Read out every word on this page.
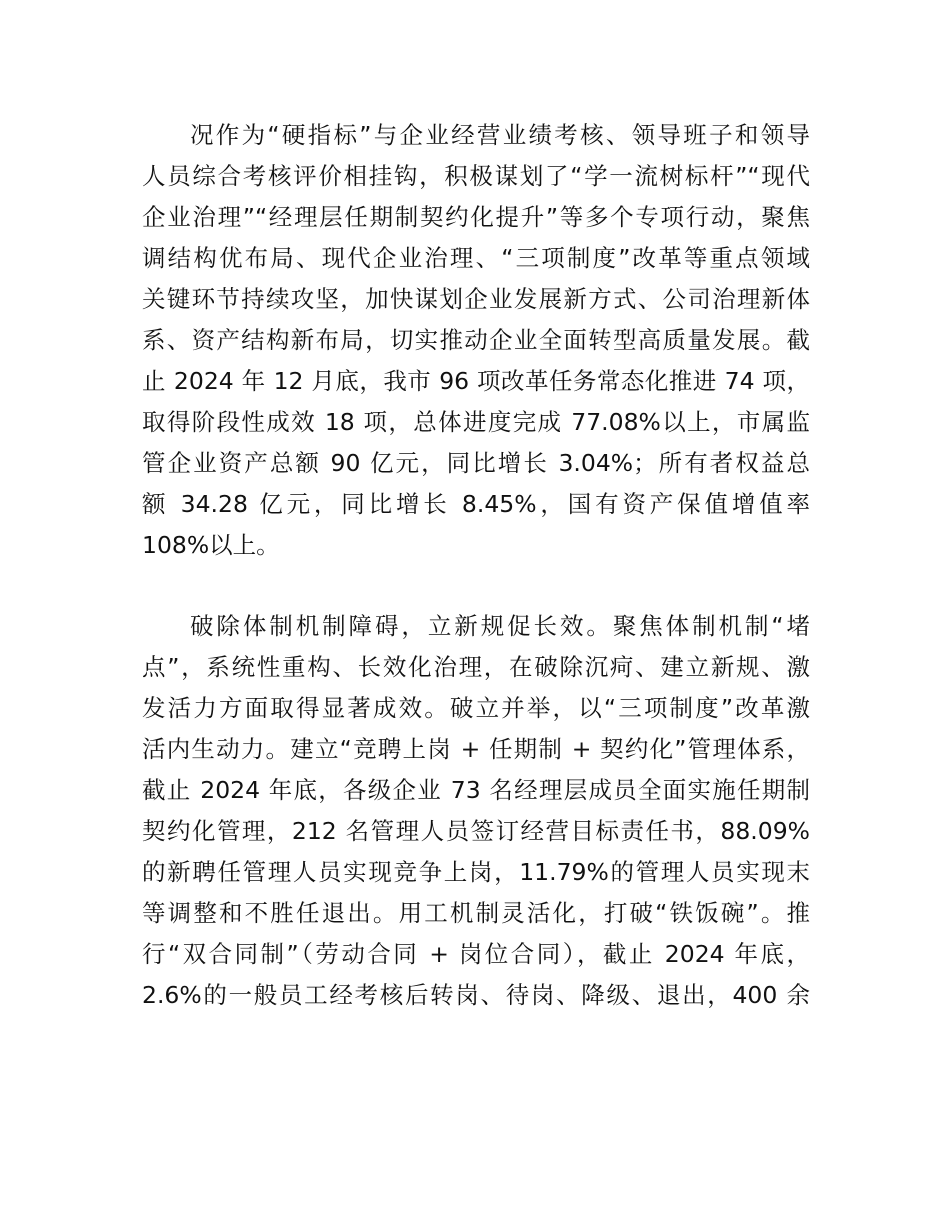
况作为“硬指标”与企业经营业绩考核、领导班子和领导
人员综合考核评价相挂钩，积极谋划了“学一流树标杆”“现代
企业治理”“经理层任期制契约化提升”等多个专项行动，聚焦
调结构优布局、现代企业治理、“三项制度”改革等重点领域
关键环节持续攻坚，加快谋划企业发展新方式、公司治理新体
系、资产结构新布局，切实推动企业全面转型高质量发展。截
止 2024 年 12 月底，我市 96 项改革任务常态化推进 74 项，
取得阶段性成效 18 项，总体进度完成 77.08%以上，市属监
管企业资产总额 90 亿元，同比增长 3.04%；所有者权益总
额 34.28 亿元，同比增长 8.45%，国有资产保值增值率
108%以上。
破除体制机制障碍，立新规促长效。聚焦体制机制“堵
点”，系统性重构、长效化治理，在破除沉疴、建立新规、激
发活力方面取得显著成效。破立并举，以“三项制度”改革激
活内生动力。建立“竞聘上岗 + 任期制 + 契约化”管理体系，
截止 2024 年底，各级企业 73 名经理层成员全面实施任期制
契约化管理，212 名管理人员签订经营目标责任书，88.09%
的新聘任管理人员实现竞争上岗，11.79%的管理人员实现末
等调整和不胜任退出。用工机制灵活化，打破“铁饭碗”。推
行“双合同制”（劳动合同 + 岗位合同），截止 2024 年底，
2.6%的一般员工经考核后转岗、待岗、降级、退出，400 余
